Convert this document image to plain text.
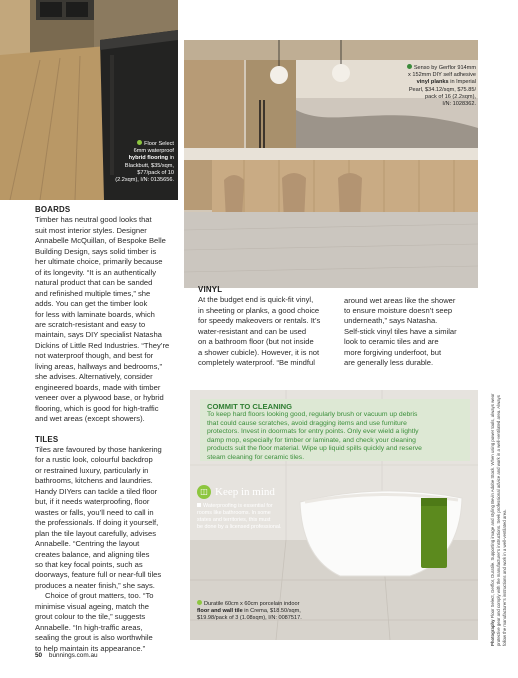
Floor Select
6mm waterproof
hybrid flooring in
Blackbutt, $35/sqm,
$77/pack of 10
(2.2sqm), I/N: 0135656.
Senso by Gerflor 914mm
x 152mm DIY self adhesive
vinyl planks in Imperial
Pearl, $34.12/sqm, $75.85/
pack of 16 (2.2sqm),
I/N: 1028362.

BOARDS

Timber has neutral good looks that

suit most interior styles. Designer

Annabelle McQuillan, of Bespoke Belle

Building Design, says solid timber is

her ultimate choice, primarily because

of its longevity. “It is an authentically

natural product that can be sanded

and refinished multiple times,” she

adds. You can get the timber look

for less with laminate boards, which

are scratch-resistant and easy to

maintain, says DIY specialist Natasha

Dickins of Little Red Industries. “They’re

not waterproof though, and best for

living areas, hallways and bedrooms,”

she advises. Alternatively, consider

engineered boards, made with timber

veneer over a plywood base, or hybrid

flooring, which is good for high-traffic

and wet areas (except showers).

TILES

Tiles are favoured by those hankering

for a rustic look, colourful backdrop

or restrained luxury, particularly in

bathrooms, kitchens and laundries.

Handy DIYers can tackle a tiled floor

but, if it needs waterproofing, floor

wastes or falls, you’ll need to call in

the professionals. If doing it yourself,

plan the tile layout carefully, advises

Annabelle. “Centring the layout

creates balance, and aligning tiles

so that key focal points, such as

doorways, feature full or near-full tiles

produces a neater finish,” she says.

Choice of grout matters, too. “To

minimise visual ageing, match the

grout colour to the tile,” suggests

Annabelle. “In high-traffic areas,

sealing the grout is also worthwhile

to help maintain its appearance.”

VINYL

At the budget end is quick-fit vinyl,

in sheeting or planks, a good choice

for speedy makeovers or rentals. It’s

water-resistant and can be used

on a bathroom floor (but not inside

a shower cubicle). However, it is not

completely waterproof. “Be mindful

around wet areas like the shower

to ensure moisture doesn’t seep

underneath,” says Natasha.

Self-stick vinyl tiles have a similar

look to ceramic tiles and are

more forgiving underfoot, but

are generally less durable.

COMMIT TO CLEANING
To keep hard floors looking good, regularly brush or vacuum up debris
that could cause scratches, avoid dragging items and use furniture
protectors. Invest in doormats for entry points. Only ever wield a lightly
damp mop, especially for timber or laminate, and check your cleaning
products suit the floor material. Wipe up liquid spills quickly and reserve
steam cleaning for ceramic tiles.
◫ Keep in mind
Waterproofing is essential for
rooms like bathrooms. In some
states and territories, this must
be done by a licensed professional.
Duratile 60cm x 60cm porcelain indoor
floor and wall tile in Crema, $18.50/sqm,
$19.98/pack of 3 (1.08sqm), I/N: 0087517.
Photography Floor Select, Gerflor, Duratile. Supporting image and styling Bevin Adobe Stock. When using power tools, always wear protective gear and comply with the manufacturer's instructions. Seek professional advice and work in a well-ventilated area. Always follow the manufacturer's instructions and work in a well-ventilated area.
50 bunnings.com.au
